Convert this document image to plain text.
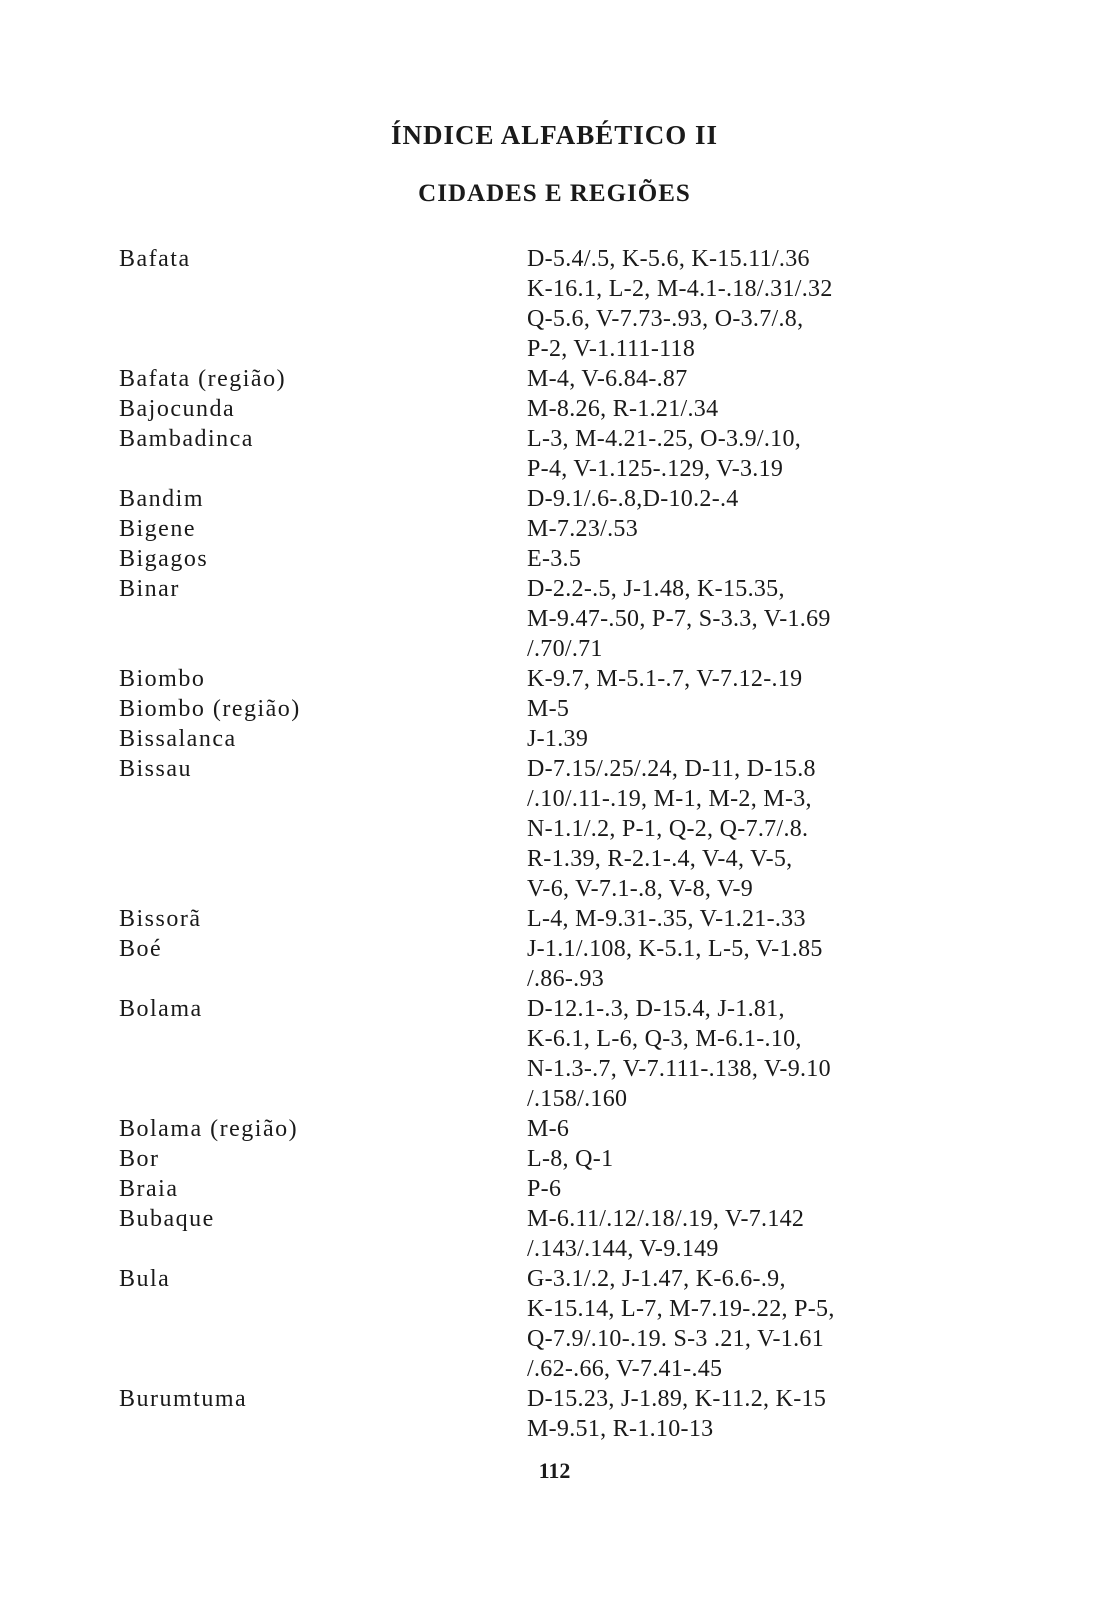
ÍNDICE ALFABÉTICO II
CIDADES E REGIÕES
Bafata	D-5.4/.5, K-5.6, K-15.11/.36
K-16.1, L-2, M-4.1-.18/.31/.32
Q-5.6, V-7.73-.93, O-3.7/.8,
P-2, V-1.111-118
Bafata (região)	M-4, V-6.84-.87
Bajocunda	M-8.26, R-1.21/.34
Bambadinca	L-3, M-4.21-.25, O-3.9/.10,
P-4, V-1.125-.129, V-3.19
Bandim	D-9.1/.6-.8,D-10.2-.4
Bigene	M-7.23/.53
Bigagos	E-3.5
Binar	D-2.2-.5, J-1.48, K-15.35,
M-9.47-.50, P-7, S-3.3, V-1.69
/.70/.71
Biombo	K-9.7, M-5.1-.7, V-7.12-.19
Biombo (região)	M-5
Bissalanca	J-1.39
Bissau	D-7.15/.25/.24, D-11, D-15.8
/.10/.11-.19, M-1, M-2, M-3,
N-1.1/.2, P-1, Q-2, Q-7.7/.8.
R-1.39, R-2.1-.4, V-4, V-5,
V-6, V-7.1-.8, V-8, V-9
Bissorã	L-4, M-9.31-.35, V-1.21-.33
Boé	J-1.1/.108, K-5.1, L-5, V-1.85
/.86-.93
Bolama	D-12.1-.3, D-15.4, J-1.81,
K-6.1, L-6, Q-3, M-6.1-.10,
N-1.3-.7, V-7.111-.138, V-9.10
/.158/.160
Bolama (região)	M-6
Bor	L-8, Q-1
Braia	P-6
Bubaque	M-6.11/.12/.18/.19, V-7.142
/.143/.144, V-9.149
Bula	G-3.1/.2, J-1.47, K-6.6-.9,
K-15.14, L-7, M-7.19-.22, P-5,
Q-7.9/.10-.19. S-3 .21, V-1.61
/.62-.66, V-7.41-.45
Burumtuma	D-15.23, J-1.89, K-11.2, K-15
M-9.51, R-1.10-13
112
